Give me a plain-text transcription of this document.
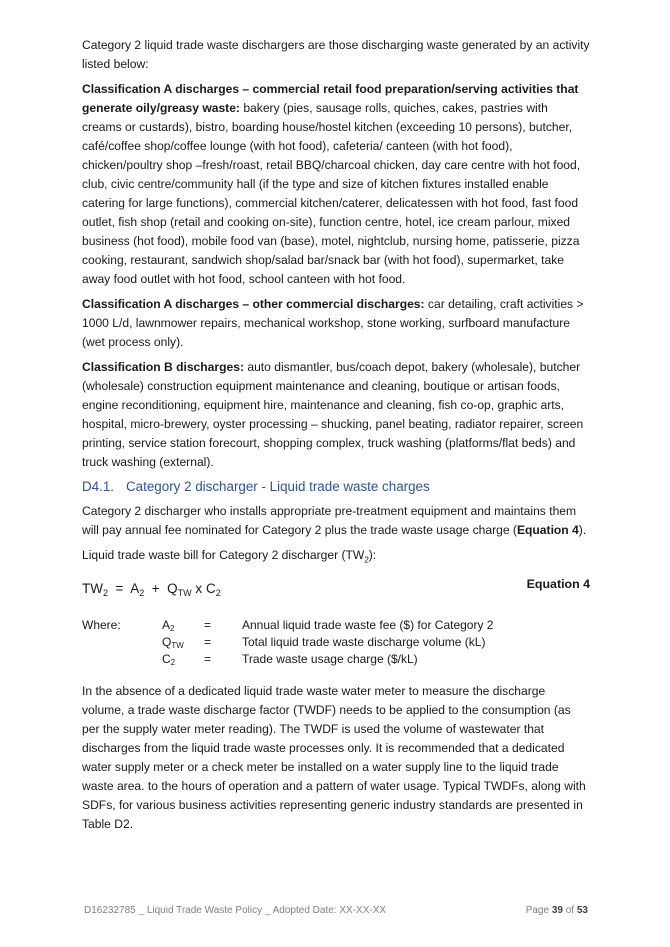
Category 2 liquid trade waste dischargers are those discharging waste generated by an activity listed below:

Classification A discharges – commercial retail food preparation/serving activities that generate oily/greasy waste: bakery (pies, sausage rolls, quiches, cakes, pastries with creams or custards), bistro, boarding house/hostel kitchen (exceeding 10 persons), butcher, café/coffee shop/coffee lounge (with hot food), cafeteria/ canteen (with hot food), chicken/poultry shop –fresh/roast, retail BBQ/charcoal chicken, day care centre with hot food, club, civic centre/community hall (if the type and size of kitchen fixtures installed enable catering for large functions), commercial kitchen/caterer, delicatessen with hot food, fast food outlet, fish shop (retail and cooking on-site), function centre, hotel, ice cream parlour, mixed business (hot food), mobile food van (base), motel, nightclub, nursing home, patisserie, pizza cooking, restaurant, sandwich shop/salad bar/snack bar (with hot food), supermarket, take away food outlet with hot food, school canteen with hot food.

Classification A discharges – other commercial discharges: car detailing, craft activities > 1000 L/d, lawnmower repairs, mechanical workshop, stone working, surfboard manufacture (wet process only).

Classification B discharges: auto dismantler, bus/coach depot, bakery (wholesale), butcher (wholesale) construction equipment maintenance and cleaning, boutique or artisan foods, engine reconditioning, equipment hire, maintenance and cleaning, fish co-op, graphic arts, hospital, micro-brewery, oyster processing – shucking, panel beating, radiator repairer, screen printing, service station forecourt, shopping complex, truck washing (platforms/flat beds) and truck washing (external).

D4.1. Category 2 discharger - Liquid trade waste charges

Category 2 discharger who installs appropriate pre-treatment equipment and maintains them will pay annual fee nominated for Category 2 plus the trade waste usage charge (Equation 4).

Liquid trade waste bill for Category 2 discharger $(TW_2)$:

$TW_2 = A_2 + Q_{TW}$ x $C_2$
Equation 4
Where:	$A_2$	=	Annual liquid trade waste fee ($) for Category 2
$Q_{TW}$	=	Total liquid trade waste discharge volume (kL)
$C_2$	=	Trade waste usage charge ($/kL)

In the absence of a dedicated liquid trade waste water meter to measure the discharge volume, a trade waste discharge factor (TWDF) needs to be applied to the consumption (as per the supply water meter reading). The TWDF is used the volume of wastewater that discharges from the liquid trade waste processes only. It is recommended that a dedicated water supply meter or a check meter be installed on a water supply line to the liquid trade waste area. to the hours of operation and a pattern of water usage. Typical TWDFs, along with SDFs, for various business activities representing generic industry standards are presented in Table D2.

D16232785 _ Liquid Trade Waste Policy _ Adopted Date: XX-XX-XX	Page 39 of 53
